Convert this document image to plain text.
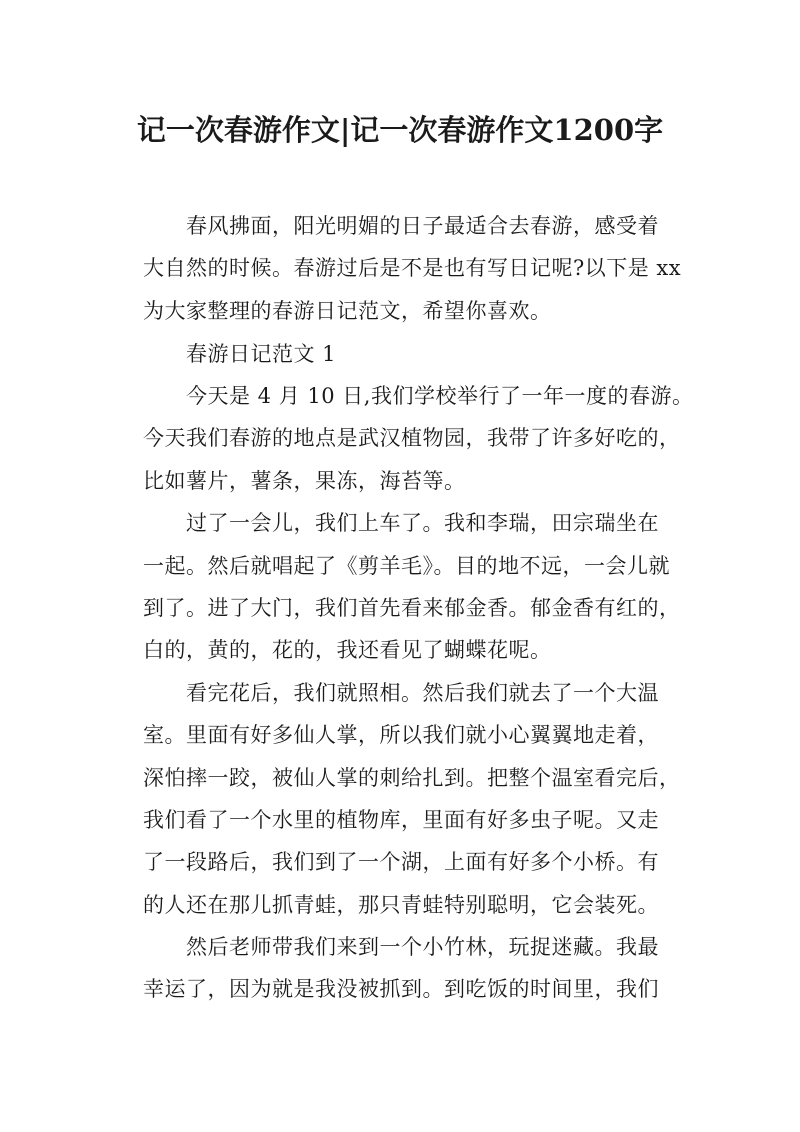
记一次春游作文|记一次春游作文1200字
　　春风拂面，阳光明媚的日子最适合去春游，感受着
大自然的时候。春游过后是不是也有写日记呢?以下是 xx
为大家整理的春游日记范文，希望你喜欢。
　　春游日记范文 1
　　今天是 4 月 10 日,我们学校举行了一年一度的春游。
今天我们春游的地点是武汉植物园，我带了许多好吃的，
比如薯片，薯条，果冻，海苔等。
　　过了一会儿，我们上车了。我和李瑞，田宗瑞坐在
一起。然后就唱起了《剪羊毛》。目的地不远，一会儿就
到了。进了大门，我们首先看来郁金香。郁金香有红的，
白的，黄的，花的，我还看见了蝴蝶花呢。
　　看完花后，我们就照相。然后我们就去了一个大温
室。里面有好多仙人掌，所以我们就小心翼翼地走着，
深怕摔一跤，被仙人掌的刺给扎到。把整个温室看完后，
我们看了一个水里的植物库，里面有好多虫子呢。又走
了一段路后，我们到了一个湖，上面有好多个小桥。有
的人还在那儿抓青蛙，那只青蛙特别聪明，它会装死。
　　然后老师带我们来到一个小竹林，玩捉迷藏。我最
幸运了，因为就是我没被抓到。到吃饭的时间里，我们
